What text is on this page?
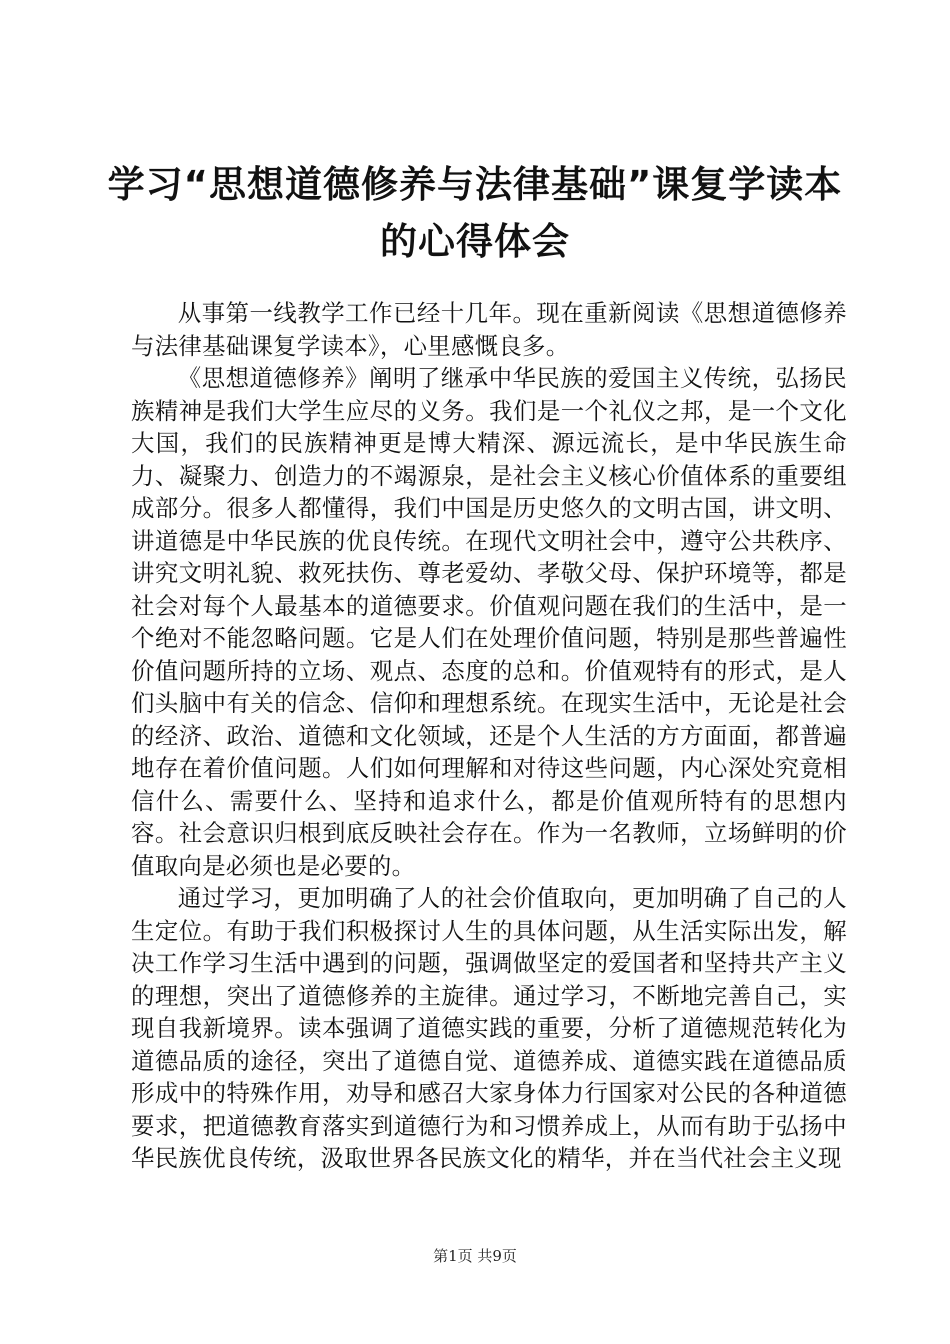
学习“思想道德修养与法律基础”课复学读本
的心得体会

从事第一线教学工作已经十几年。现在重新阅读《思想道德修养与法律基础课复学读本》，心里感慨良多。

《思想道德修养》阐明了继承中华民族的爱国主义传统，弘扬民族精神是我们大学生应尽的义务。我们是一个礼仪之邦，是一个文化大国，我们的民族精神更是博大精深、源远流长，是中华民族生命力、凝聚力、创造力的不竭源泉，是社会主义核心价值体系的重要组成部分。很多人都懂得，我们中国是历史悠久的文明古国，讲文明、讲道德是中华民族的优良传统。在现代文明社会中，遵守公共秩序、讲究文明礼貌、救死扶伤、尊老爱幼、孝敬父母、保护环境等，都是社会对每个人最基本的道德要求。价值观问题在我们的生活中，是一个绝对不能忽略问题。它是人们在处理价值问题，特别是那些普遍性价值问题所持的立场、观点、态度的总和。价值观特有的形式，是人们头脑中有关的信念、信仰和理想系统。在现实生活中，无论是社会的经济、政治、道德和文化领域，还是个人生活的方方面面，都普遍地存在着价值问题。人们如何理解和对待这些问题，内心深处究竟相信什么、需要什么、坚持和追求什么，都是价值观所特有的思想内容。社会意识归根到底反映社会存在。作为一名教师，立场鲜明的价值取向是必须也是必要的。

通过学习，更加明确了人的社会价值取向，更加明确了自己的人生定位。有助于我们积极探讨人生的具体问题，从生活实际出发，解决工作学习生活中遇到的问题，强调做坚定的爱国者和坚持共产主义的理想，突出了道德修养的主旋律。通过学习，不断地完善自己，实现自我新境界。读本强调了道德实践的重要，分析了道德规范转化为道德品质的途径，突出了道德自觉、道德养成、道德实践在道德品质形成中的特殊作用，劝导和感召大家身体力行国家对公民的各种道德要求，把道德教育落实到道德行为和习惯养成上，从而有助于弘扬中华民族优良传统，汲取世界各民族文化的精华，并在当代社会主义现

第1页 共9页
